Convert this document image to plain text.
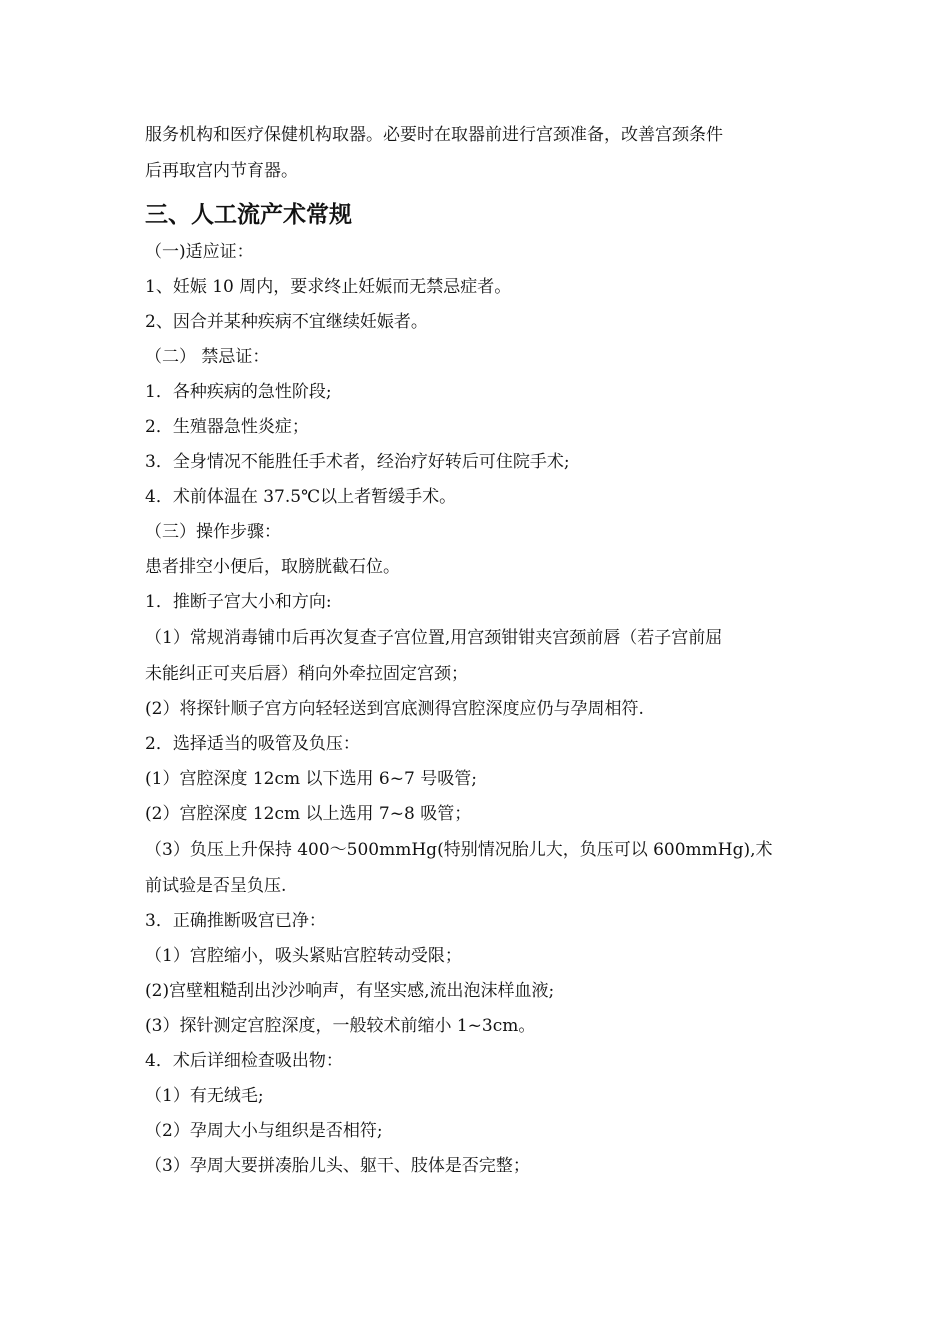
服务机构和医疗保健机构取器。必要时在取器前进行宫颈准备，改善宫颈条件

后再取宫内节育器。

三、人工流产术常规

（一)适应证：

1、妊娠 10 周内，要求终止妊娠而无禁忌症者。

2、因合并某种疾病不宜继续妊娠者。

（二） 禁忌证：

1．各种疾病的急性阶段;

2．生殖器急性炎症；

3．全身情况不能胜任手术者，经治疗好转后可住院手术;

4．术前体温在 37.5℃以上者暂缓手术。

（三）操作步骤：

患者排空小便后，取膀胱截石位。

1．推断子宫大小和方向:

（1）常规消毒铺巾后再次复查子宫位置,用宫颈钳钳夹宫颈前唇（若子宫前屈

未能纠正可夹后唇）稍向外牵拉固定宫颈；

(2）将探针顺子宫方向轻轻送到宫底测得宫腔深度应仍与孕周相符.

2．选择适当的吸管及负压：

(1）宫腔深度 12cm 以下选用 6~7 号吸管;

(2）宫腔深度 12cm 以上选用 7~8 吸管；

（3）负压上升保持 400～500mmHg(特别情况胎儿大，负压可以 600mmHg),术

前试验是否呈负压.

3．正确推断吸宫已净：

（1）宫腔缩小，吸头紧贴宫腔转动受限；

(2)宫壁粗糙刮出沙沙响声，有坚实感,流出泡沫样血液;

(3）探针测定宫腔深度，一般较术前缩小 1~3cm。

4．术后详细检查吸出物：

（1）有无绒毛;

（2）孕周大小与组织是否相符;

（3）孕周大要拼凑胎儿头、躯干、肢体是否完整；
